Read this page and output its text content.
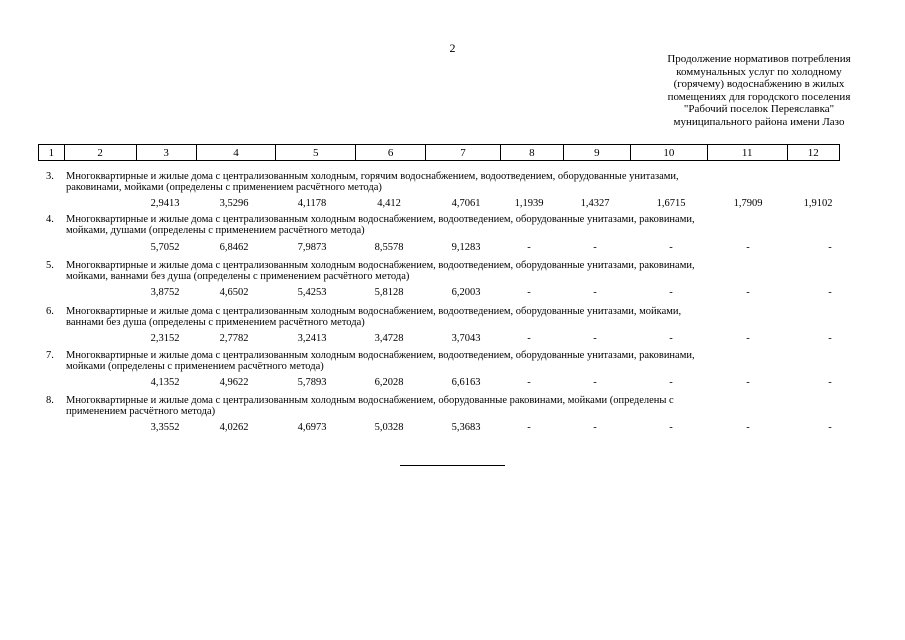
2
Продолжение нормативов потребления
коммунальных услуг по холодному
(горячему) водоснабжению в жилых
помещениях для городского поселения
"Рабочий поселок Переяславка"
муниципального района имени Лазо
1	2	3	4	5	6	7	8	9	10	11	12
3. Многоквартирные и жилые дома с централизованным холодным, горячим водоснабжением, водоотведением, оборудованные унитазами,
раковинами, мойками (определены с применением расчётного метода)
2,9413	3,5296	4,1178	4,412	4,7061	1,1939	1,4327	1,6715	1,7909	1,9102
4. Многоквартирные и жилые дома с централизованным холодным водоснабжением, водоотведением, оборудованные унитазами, раковинами,
мойками, душами (определены с применением расчётного метода)
5,7052	6,8462	7,9873	8,5578	9,1283	-	-	-	-	-
5. Многоквартирные и жилые дома с централизованным холодным водоснабжением, водоотведением, оборудованные унитазами, раковинами,
мойками, ваннами без душа (определены с применением расчётного метода)
3,8752	4,6502	5,4253	5,8128	6,2003	-	-	-	-	-
6. Многоквартирные и жилые дома с централизованным холодным водоснабжением, водоотведением, оборудованные унитазами, мойками,
ваннами без душа (определены с применением расчётного метода)
2,3152	2,7782	3,2413	3,4728	3,7043	-	-	-	-	-
7. Многоквартирные и жилые дома с централизованным холодным водоснабжением, водоотведением, оборудованные унитазами, раковинами,
мойками (определены с применением расчётного метода)
4,1352	4,9622	5,7893	6,2028	6,6163	-	-	-	-	-
8. Многоквартирные и жилые дома с централизованным холодным водоснабжением, оборудованные раковинами, мойками (определены с
применением расчётного метода)
3,3552	4,0262	4,6973	5,0328	5,3683	-	-	-	-	-
